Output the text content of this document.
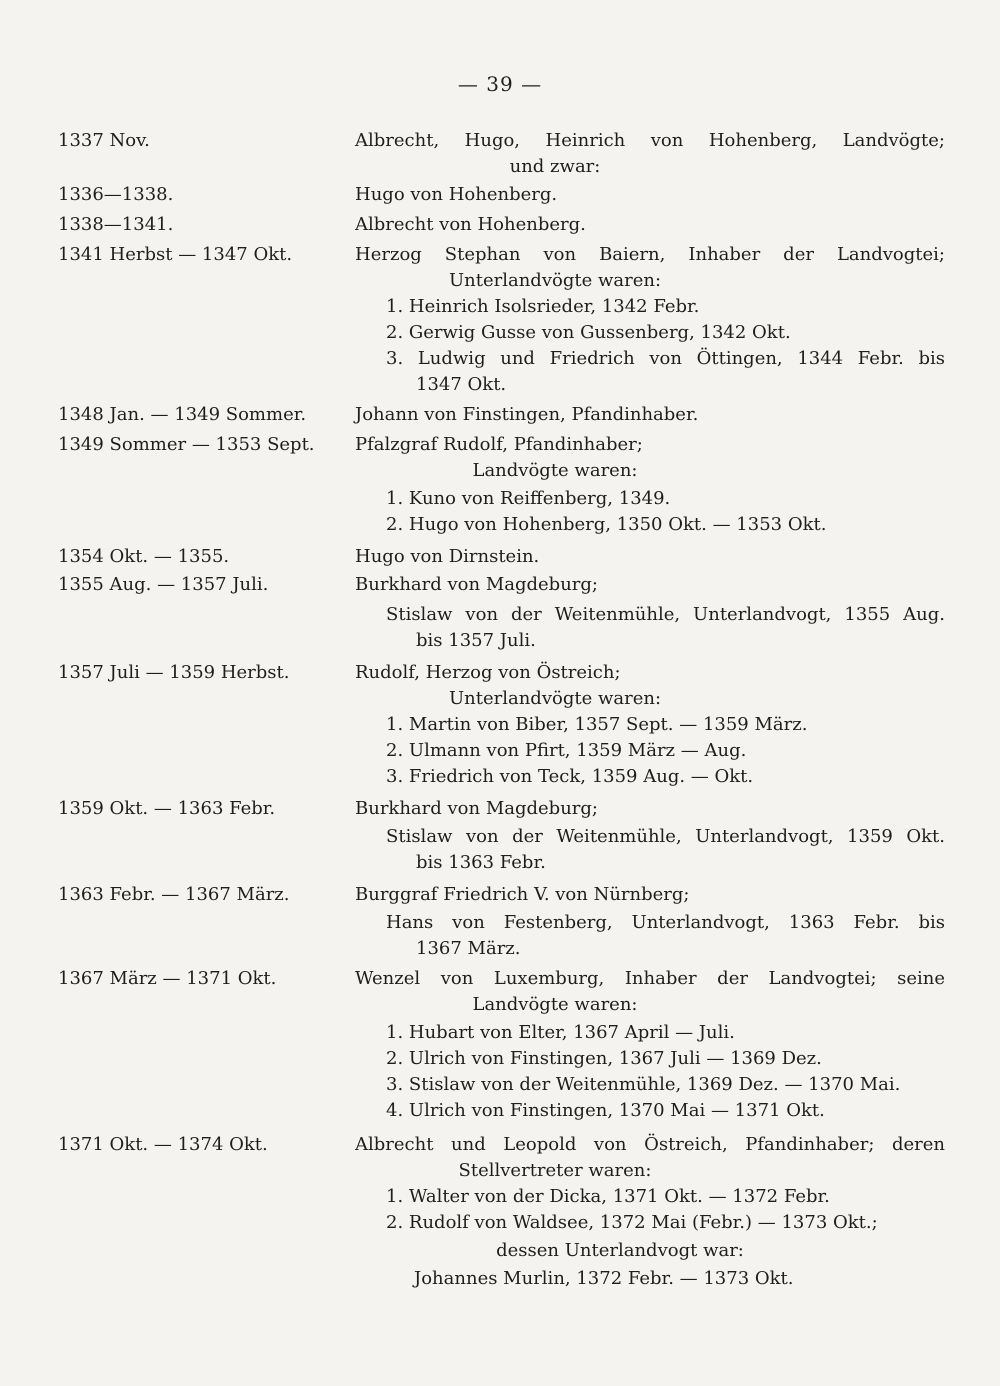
— 39 —
1337 Nov.	Albrecht, Hugo, Heinrich von Hohenberg, Landvögte;
und zwar:
1336—1338.	Hugo von Hohenberg.
1338—1341.	Albrecht von Hohenberg.
1341 Herbst — 1347 Okt.	Herzog Stephan von Baiern, Inhaber der Landvogtei;
Unterlandvögte waren:
1. Heinrich Isolsrieder, 1342 Febr.
2. Gerwig Gusse von Gussenberg, 1342 Okt.
3. Ludwig und Friedrich von Öttingen, 1344 Febr. bis
1347 Okt.
1348 Jan. — 1349 Sommer.	Johann von Finstingen, Pfandinhaber.
1349 Sommer — 1353 Sept.	Pfalzgraf Rudolf, Pfandinhaber;
Landvögte waren:
1. Kuno von Reiffenberg, 1349.
2. Hugo von Hohenberg, 1350 Okt. — 1353 Okt.
1354 Okt. — 1355.	Hugo von Dirnstein.
1355 Aug. — 1357 Juli.	Burkhard von Magdeburg;
Stislaw von der Weitenmühle, Unterlandvogt, 1355 Aug.
bis 1357 Juli.
1357 Juli — 1359 Herbst.	Rudolf, Herzog von Östreich;
Unterlandvögte waren:
1. Martin von Biber, 1357 Sept. — 1359 März.
2. Ulmann von Pfirt, 1359 März — Aug.
3. Friedrich von Teck, 1359 Aug. — Okt.
1359 Okt. — 1363 Febr.	Burkhard von Magdeburg;
Stislaw von der Weitenmühle, Unterlandvogt, 1359 Okt.
bis 1363 Febr.
1363 Febr. — 1367 März.	Burggraf Friedrich V. von Nürnberg;
Hans von Festenberg, Unterlandvogt, 1363 Febr. bis
1367 März.
1367 März — 1371 Okt.	Wenzel von Luxemburg, Inhaber der Landvogtei; seine
Landvögte waren:
1. Hubart von Elter, 1367 April — Juli.
2. Ulrich von Finstingen, 1367 Juli — 1369 Dez.
3. Stislaw von der Weitenmühle, 1369 Dez. — 1370 Mai.
4. Ulrich von Finstingen, 1370 Mai — 1371 Okt.
1371 Okt. — 1374 Okt.	Albrecht und Leopold von Östreich, Pfandinhaber; deren
Stellvertreter waren:
1. Walter von der Dicka, 1371 Okt. — 1372 Febr.
2. Rudolf von Waldsee, 1372 Mai (Febr.) — 1373 Okt.;
dessen Unterlandvogt war:
Johannes Murlin, 1372 Febr. — 1373 Okt.
